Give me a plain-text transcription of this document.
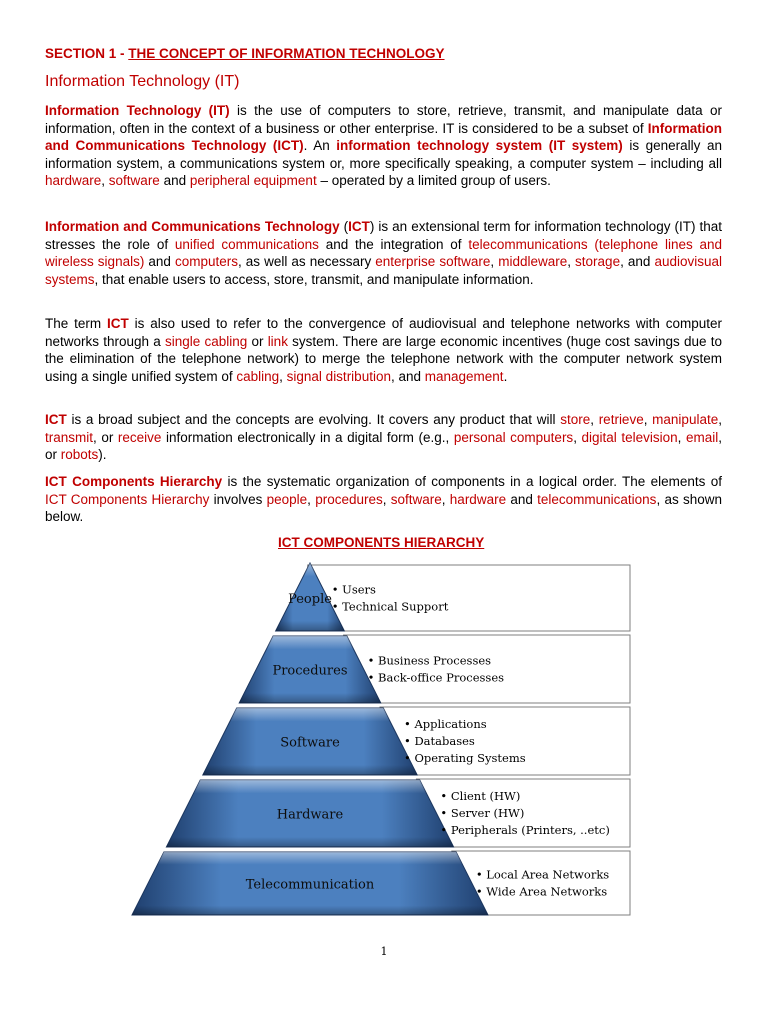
SECTION 1 - THE CONCEPT OF INFORMATION TECHNOLOGY
Information Technology (IT)

Information Technology (IT) is the use of computers to store, retrieve, transmit, and manipulate data or information, often in the context of a business or other enterprise. IT is considered to be a subset of Information and Communications Technology (ICT). An information technology system (IT system) is generally an information system, a communications system or, more specifically speaking, a computer system – including all hardware, software and peripheral equipment – operated by a limited group of users.

Information and Communications Technology (ICT) is an extensional term for information technology (IT) that stresses the role of unified communications and the integration of telecommunications (telephone lines and wireless signals) and computers, as well as necessary enterprise software, middleware, storage, and audiovisual systems, that enable users to access, store, transmit, and manipulate information.

The term ICT is also used to refer to the convergence of audiovisual and telephone networks with computer networks through a single cabling or link system. There are large economic incentives (huge cost savings due to the elimination of the telephone network) to merge the telephone network with the computer network system using a single unified system of cabling, signal distribution, and management.

ICT is a broad subject and the concepts are evolving. It covers any product that will store, retrieve, manipulate, transmit, or receive information electronically in a digital form (e.g., personal computers, digital television, email, or robots).

ICT Components Hierarchy is the systematic organization of components in a logical order. The elements of ICT Components Hierarchy involves people, procedures, software, hardware and telecommunications, as shown below.

ICT COMPONENTS HIERARCHY
People
• Users
• Technical Support
Procedures
• Business Processes
• Back-office Processes
Software
• Applications
• Databases
• Operating Systems
Hardware
• Client (HW)
• Server (HW)
• Peripherals (Printers, ..etc)
Telecommunication
• Local Area Networks
• Wide Area Networks
1
